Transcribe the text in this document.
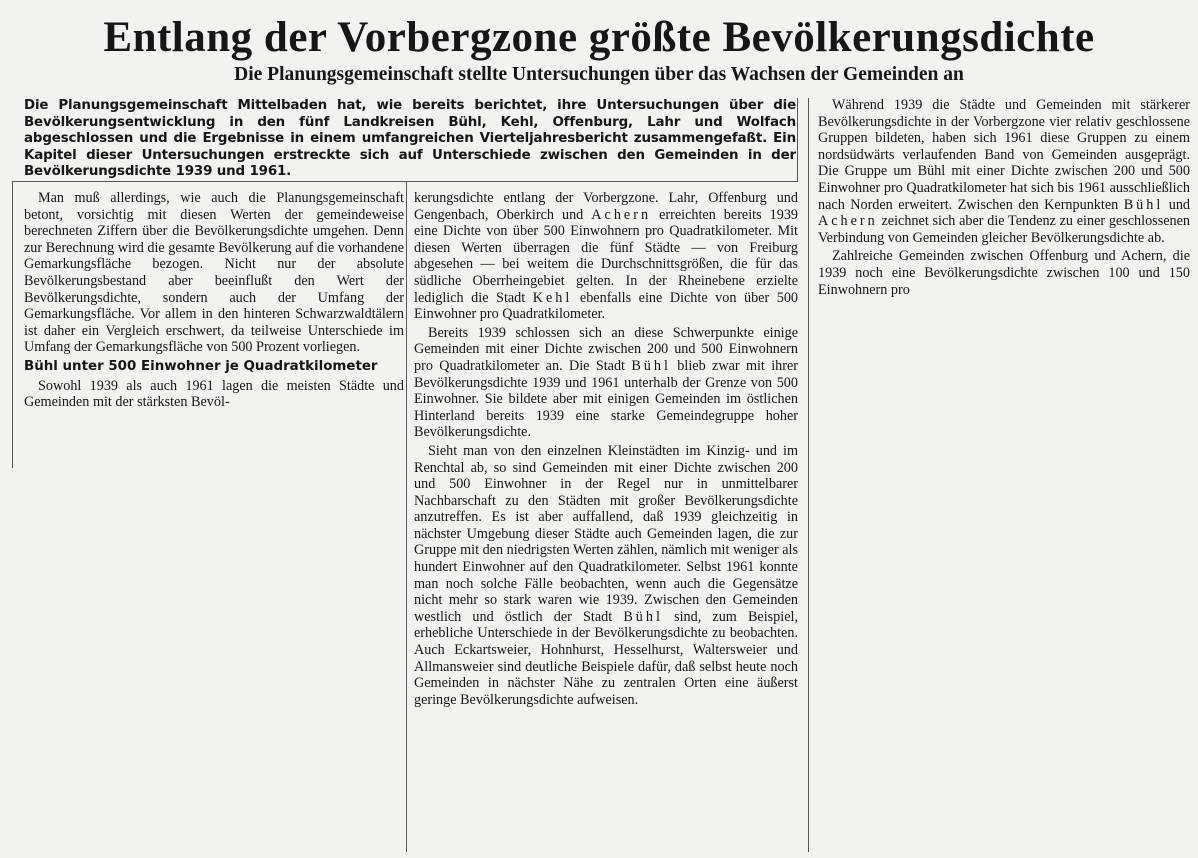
Entlang der Vorbergzone größte Bevölkerungsdichte
Die Planungsgemeinschaft stellte Untersuchungen über das Wachsen der Gemeinden an
Die Planungsgemeinschaft Mittelbaden hat, wie bereits berichtet, ihre Untersuchungen über die Bevölkerungsentwicklung in den fünf Landkreisen Bühl, Kehl, Offenburg, Lahr und Wolfach abgeschlossen und die Ergebnisse in einem umfangreichen Vierteljahresbericht zusammengefaßt. Ein Kapitel dieser Untersuchungen erstreckte sich auf Unterschiede zwischen den Gemeinden in der Bevölkerungsdichte 1939 und 1961.

Man muß allerdings, wie auch die Planungsgemeinschaft betont, vorsichtig mit diesen Werten der gemeindeweise berechneten Ziffern über die Bevölkerungsdichte umgehen. Denn zur Berechnung wird die gesamte Bevölkerung auf die vorhandene Gemarkungsfläche bezogen. Nicht nur der absolute Bevölkerungsbestand aber beeinflußt den Wert der Bevölkerungsdichte, sondern auch der Umfang der Gemarkungsfläche. Vor allem in den hinteren Schwarzwaldtälern ist daher ein Vergleich erschwert, da teilweise Unterschiede im Umfang der Gemarkungsfläche von 500 Prozent vorliegen.

Bühl unter 500 Einwohner je Quadratkilometer

Sowohl 1939 als auch 1961 lagen die meisten Städte und Gemeinden mit der stärksten Bevöl-

kerungsdichte entlang der Vorbergzone. Lahr, Offenburg und Gengenbach, Oberkirch und Achern erreichten bereits 1939 eine Dichte von über 500 Einwohnern pro Quadratkilometer. Mit diesen Werten überragen die fünf Städte — von Freiburg abgesehen — bei weitem die Durchschnittsgrößen, die für das südliche Oberrheingebiet gelten. In der Rheinebene erzielte lediglich die Stadt Kehl ebenfalls eine Dichte von über 500 Einwohner pro Quadratkilometer.

Bereits 1939 schlossen sich an diese Schwerpunkte einige Gemeinden mit einer Dichte zwischen 200 und 500 Einwohnern pro Quadratkilometer an. Die Stadt Bühl blieb zwar mit ihrer Bevölkerungsdichte 1939 und 1961 unterhalb der Grenze von 500 Einwohner. Sie bildete aber mit einigen Gemeinden im östlichen Hinterland bereits 1939 eine starke Gemeindegruppe hoher Bevölkerungsdichte.

Sieht man von den einzelnen Kleinstädten im Kinzig- und im Renchtal ab, so sind Gemeinden mit einer Dichte zwischen 200 und 500 Einwohner in der Regel nur in unmittelbarer Nachbarschaft zu den Städten mit großer Bevölkerungsdichte anzutreffen. Es ist aber auffallend, daß 1939 gleichzeitig in nächster Umgebung dieser Städte auch Gemeinden lagen, die zur Gruppe mit den niedrigsten Werten zählen, nämlich mit weniger als hundert Einwohner auf den Quadratkilometer. Selbst 1961 konnte man noch solche Fälle beobachten, wenn auch die Gegensätze nicht mehr so stark waren wie 1939. Zwischen den Gemeinden westlich und östlich der Stadt Bühl sind, zum Beispiel, erhebliche Unterschiede in der Bevölkerungsdichte zu beobachten. Auch Eckartsweier, Hohnhurst, Hesselhurst, Waltersweier und Allmansweier sind deutliche Beispiele dafür, daß selbst heute noch Gemeinden in nächster Nähe zu zentralen Orten eine äußerst geringe Bevölkerungsdichte aufweisen.

Während 1939 die Städte und Gemeinden mit stärkerer Bevölkerungsdichte in der Vorbergzone vier relativ geschlossene Gruppen bildeten, haben sich 1961 diese Gruppen zu einem nordsüdwärts verlaufenden Band von Gemeinden ausgeprägt. Die Gruppe um Bühl mit einer Dichte zwischen 200 und 500 Einwohner pro Quadratkilometer hat sich bis 1961 ausschließlich nach Norden erweitert. Zwischen den Kernpunkten Bühl und Achern zeichnet sich aber die Tendenz zu einer geschlossenen Verbindung von Gemeinden gleicher Bevölkerungsdichte ab.

Zahlreiche Gemeinden zwischen Offenburg und Achern, die 1939 noch eine Bevölkerungsdichte zwischen 100 und 150 Einwohnern pro
